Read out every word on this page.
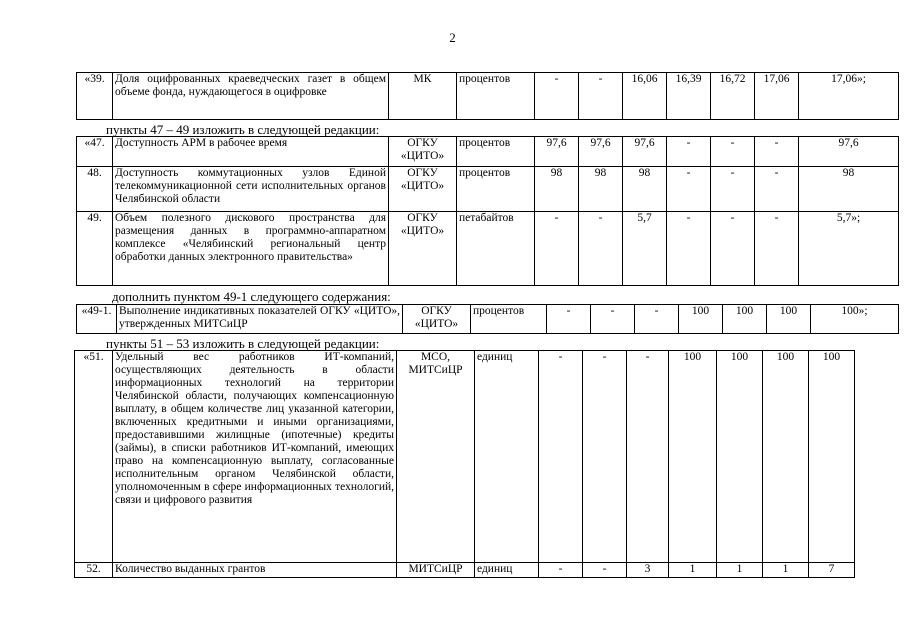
2
«39.	Доля оцифрованных краеведческих газет в общем объеме фонда, нуждающегося в оцифровке	МК	процентов	-	-	16,06	16,39	16,72	17,06	17,06»;
пункты 47 – 49 изложить в следующей редакции:
«47.	Доступность АРМ в рабочее время	ОГКУ «ЦИТО»	процентов	97,6	97,6	97,6	-	-	-	97,6
48.	Доступность коммутационных узлов Единой телекоммуникационной сети исполнительных органов Челябинской области	ОГКУ «ЦИТО»	процентов	98	98	98	-	-	-	98
49.	Объем полезного дискового пространства для размещения данных в программно-аппаратном комплексе «Челябинский региональный центр обработки данных электронного правительства»	ОГКУ «ЦИТО»	петабайтов	-	-	5,7	-	-	-	5,7»;
дополнить пунктом 49-1 следующего содержания:
«49-1.	Выполнение индикативных показателей ОГКУ «ЦИТО», утвержденных МИТСиЦР	ОГКУ «ЦИТО»	процентов	-	-	-	100	100	100	100»;
пункты 51 – 53 изложить в следующей редакции:
«51.	Удельный вес работников ИТ-компаний, осуществляющих деятельность в области информационных технологий на территории Челябинской области, получающих компенсационную выплату, в общем количестве лиц указанной категории, включенных кредитными и иными организациями, предоставившими жилищные (ипотечные) кредиты (займы), в списки работников ИТ-компаний, имеющих право на компенсационную выплату, согласованные исполнительным органом Челябинской области, уполномоченным в сфере информационных технологий, связи и цифрового развития	МСО, МИТСиЦР	единиц	-	-	-	100	100	100	100
52.	Количество выданных грантов	МИТСиЦР	единиц	-	-	3	1	1	1	7
